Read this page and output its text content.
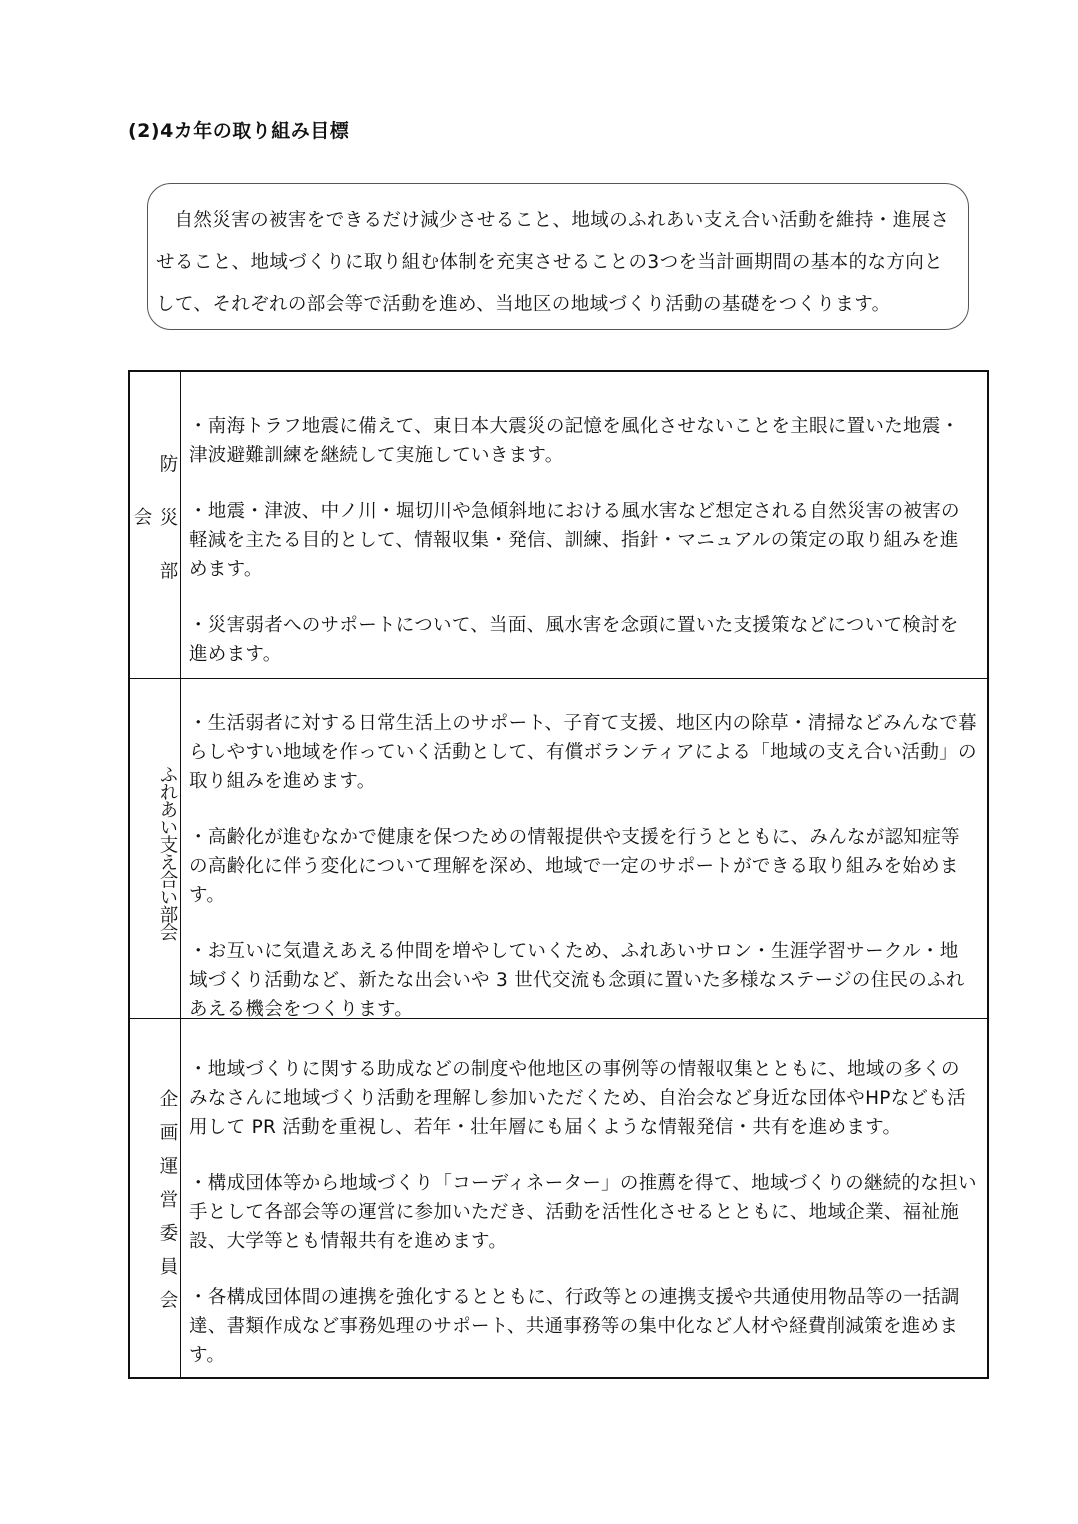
(2)4カ年の取り組み目標

自然災害の被害をできるだけ減少させること、地域のふれあい支え合い活動を維持・進展させること、地域づくりに取り組む体制を充実させることの3つを当計画期間の基本的な方向として、それぞれの部会等で活動を進め、当地区の地域づくり活動の基礎をつくります。

防災部会

・南海トラフ地震に備えて、東日本大震災の記憶を風化させないことを主眼に置いた地震・津波避難訓練を継続して実施していきます。

・地震・津波、中ノ川・堀切川や急傾斜地における風水害など想定される自然災害の被害の軽減を主たる目的として、情報収集・発信、訓練、指針・マニュアルの策定の取り組みを進めます。

・災害弱者へのサポートについて、当面、風水害を念頭に置いた支援策などについて検討を進めます。

ふれあい支え合い部会

・生活弱者に対する日常生活上のサポート、子育て支援、地区内の除草・清掃などみんなで暮らしやすい地域を作っていく活動として、有償ボランティアによる「地域の支え合い活動」の取り組みを進めます。

・高齢化が進むなかで健康を保つための情報提供や支援を行うとともに、みんなが認知症等の高齢化に伴う変化について理解を深め、地域で一定のサポートができる取り組みを始めます。

・お互いに気遣えあえる仲間を増やしていくため、ふれあいサロン・生涯学習サークル・地域づくり活動など、新たな出会いや 3 世代交流も念頭に置いた多様なステージの住民のふれあえる機会をつくります。

企画運営委員会

・地域づくりに関する助成などの制度や他地区の事例等の情報収集とともに、地域の多くのみなさんに地域づくり活動を理解し参加いただくため、自治会など身近な団体やHPなども活用して PR 活動を重視し、若年・壮年層にも届くような情報発信・共有を進めます。

・構成団体等から地域づくり「コーディネーター」の推薦を得て、地域づくりの継続的な担い手として各部会等の運営に参加いただき、活動を活性化させるとともに、地域企業、福祉施設、大学等とも情報共有を進めます。

・各構成団体間の連携を強化するとともに、行政等との連携支援や共通使用物品等の一括調達、書類作成など事務処理のサポート、共通事務等の集中化など人材や経費削減策を進めます。
